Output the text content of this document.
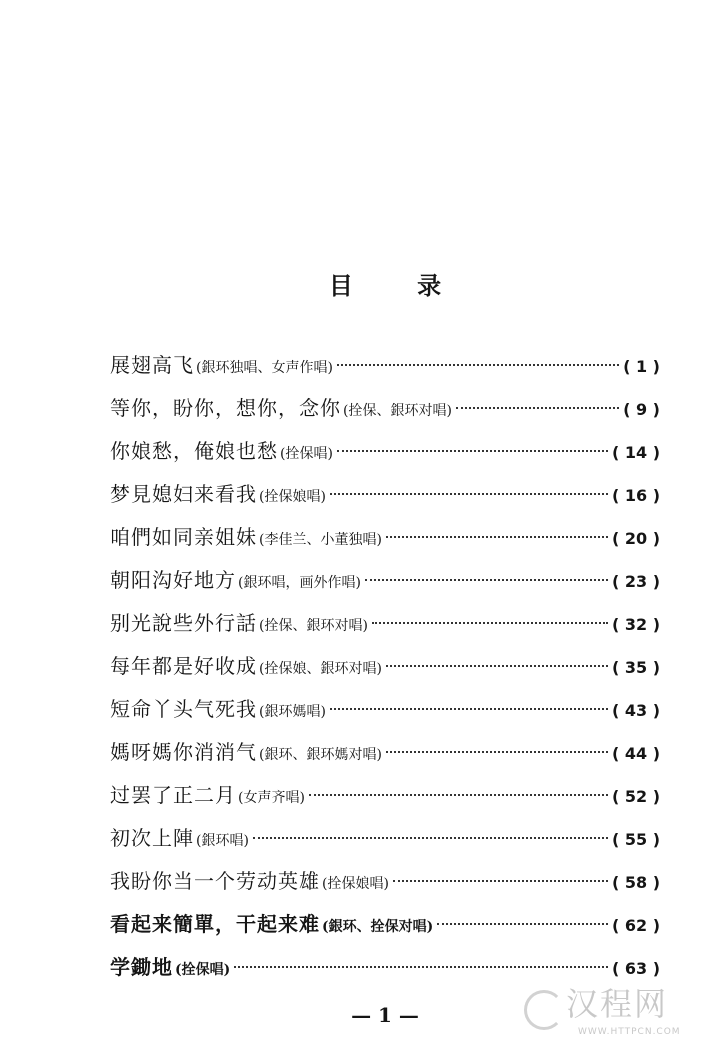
目 录
展翅高飞 (銀环独唱、女声作唱)	( 1 )
等你，盼你，想你，念你 (拴保、銀环对唱)	( 9 )
你娘愁，俺娘也愁 (拴保唱)	( 14 )
梦見媳妇来看我 (拴保娘唱)	( 16 )
咱們如同亲姐妹 (李佳兰、小董独唱)	( 20 )
朝阳沟好地方 (銀环唱，画外作唱)	( 23 )
别光說些外行話 (拴保、銀环对唱)	( 32 )
每年都是好收成 (拴保娘、銀环对唱)	( 35 )
短命丫头气死我 (銀环媽唱)	( 43 )
媽呀媽你消消气 (銀环、銀环媽对唱)	( 44 )
过罢了正二月 (女声齐唱)	( 52 )
初次上陣 (銀环唱)	( 55 )
我盼你当一个劳动英雄 (拴保娘唱)	( 58 )
看起来簡單，干起来难 (銀环、拴保对唱)	( 62 )
学鋤地 (拴保唱)	( 63 )
— 1 —	汉程网
WWW.HTTPCN.COM
